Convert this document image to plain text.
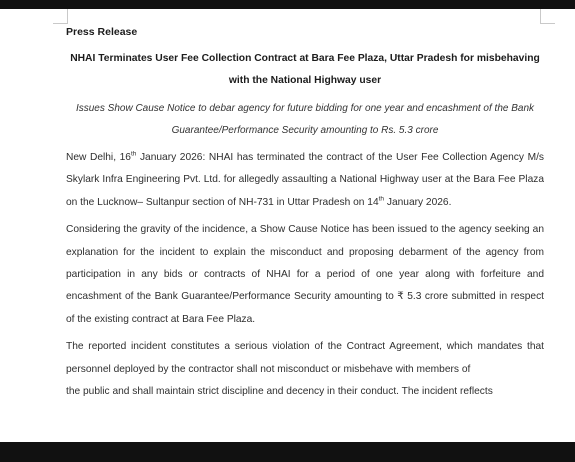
Press Release

NHAI Terminates User Fee Collection Contract at Bara Fee Plaza, Uttar Pradesh for misbehaving with the National Highway user

Issues Show Cause Notice to debar agency for future bidding for one year and encashment of the Bank Guarantee/Performance Security amounting to Rs. 5.3 crore

New Delhi, 16th January 2026: NHAI has terminated the contract of the User Fee Collection Agency M/s Skylark Infra Engineering Pvt. Ltd. for allegedly assaulting a National Highway user at the Bara Fee Plaza on the Lucknow– Sultanpur section of NH-731 in Uttar Pradesh on 14th January 2026.

Considering the gravity of the incidence, a Show Cause Notice has been issued to the agency seeking an explanation for the incident to explain the misconduct and proposing debarment of the agency from participation in any bids or contracts of NHAI for a period of one year along with forfeiture and encashment of the Bank Guarantee/Performance Security amounting to ₹ 5.3 crore submitted in respect of the existing contract at Bara Fee Plaza.

The reported incident constitutes a serious violation of the Contract Agreement, which mandates that personnel deployed by the contractor shall not misconduct or misbehave with members of

the public and shall maintain strict discipline and decency in their conduct. The incident reflects
